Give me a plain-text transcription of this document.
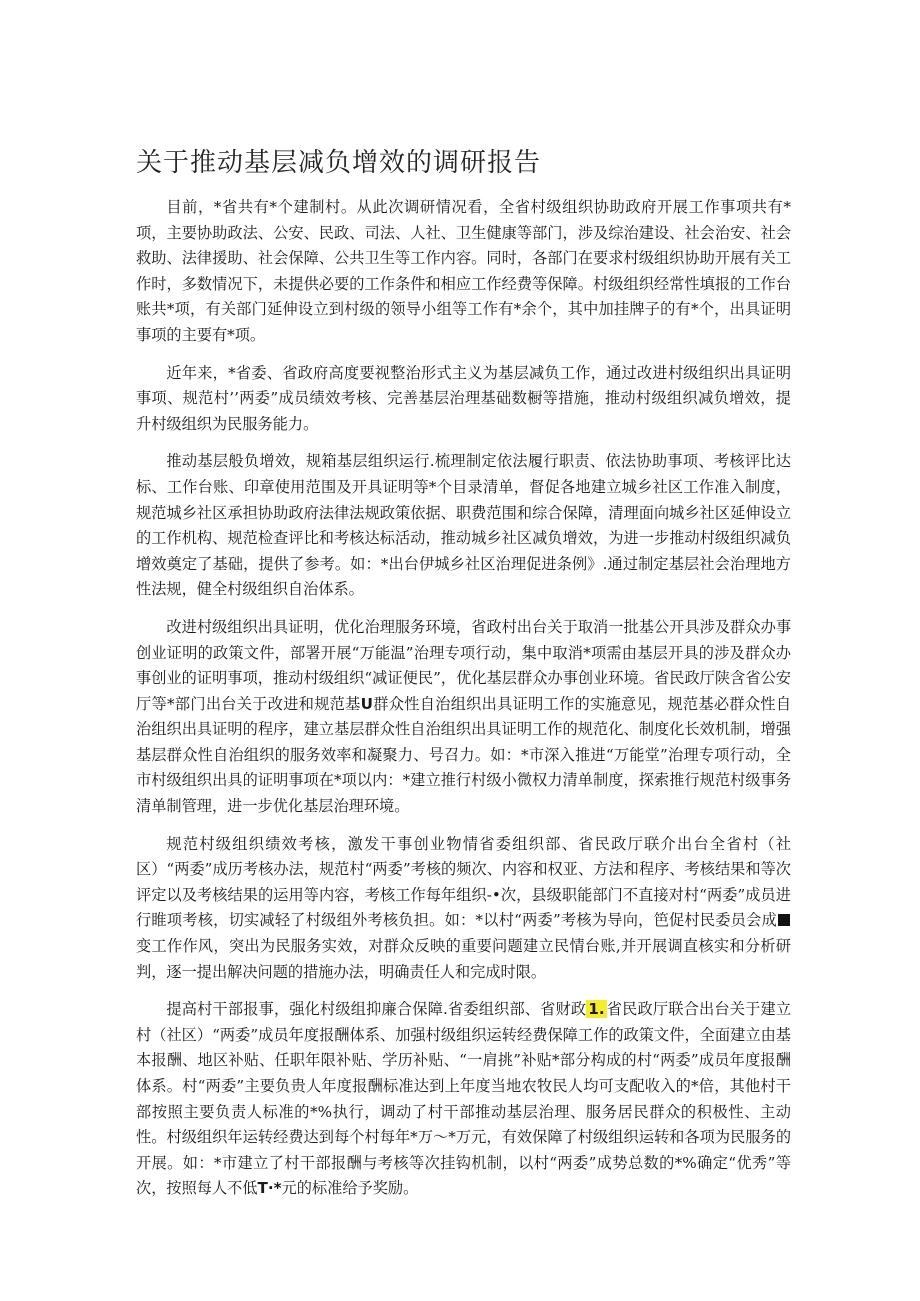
关于推动基层减负增效的调研报告

目前，*省共有*个建制村。从此次调研情况看，全省村级组织协助政府开展工作事项共有*项，主要协助政法、公安、民政、司法、人社、卫生健康等部门，涉及综治建设、社会治安、社会救助、法律援助、社会保障、公共卫生等工作内容。同时，各部门在要求村级组织协助开展有关工作时，多数情况下，未提供必要的工作条件和相应工作经费等保障。村级组织经常性填报的工作台账共*项，有关部门延伸设立到村级的领导小组等工作有*余个，其中加挂牌子的有*个，出具证明事项的主要有*项。

近年来，*省委、省政府高度要视整治形式主义为基层减负工作，通过改进村级组织出具证明事项、规范村’’两委”成员绩效考核、完善基层治理基础数橱等措施，推动村级组织减负增效，提升村级组织为民服务能力。

推动基层般负增效，规箱基层组织运行.梳理制定依法履行职责、依法协助事项、考核评比达标、工作台账、印章使用范围及开具证明等*个目录清单，督促各地建立城乡社区工作准入制度，规范城乡社区承担协助政府法律法规政策依据、职费范围和综合保障，清理面向城乡社区延伸设立的工作机构、规范检查评比和考核达标活动，推动城乡社区减负增效，为进一步推动村级组织减负增效奠定了基础，提供了参考。如：*出台伊城乡社区治理促进条例》.通过制定基层社会治理地方性法规，健全村级组织自治体系。

改进村级组织出具证明，优化治理服务环境，省政村出台关于取消一批基公开具涉及群众办事创业证明的政策文件，部署开展“万能温”治理专项行动，集中取消*项需由基层开具的涉及群众办事创业的证明事项，推动村级组织“减证便民”，优化基层群众办事创业环境。省民政厅陕含省公安厅等*部门出台关于改进和规范基U群众性自治组织出具证明工作的实施意见，规范基必群众性自治组织出具证明的程序，建立基层群众性自治组织出具证明工作的规范化、制度化长效机制，增强基层群众性自治组织的服务效率和凝聚力、号召力。如：*市深入推进“万能堂”治理专项行动，全市村级组织出具的证明事项在*项以内：*建立推行村级小微权力清单制度，探索推行规范村级事务清单制管理，进一步优化基层治理环境。

规范村级组织绩效考核，激发干事创业物情省委组织部、省民政厅联介出台全省村（社区）“两委”成历考核办法，规范村“两委”考核的频次、内容和权亚、方法和程序、考核结果和等次评定以及考核结果的运用等内容，考核工作每年组织-•次，县级职能部门不直接对村“两委”成员进行睢项考核，切实减轻了村级组外考核负担。如：*以村“两委”考核为导向，笆促村民委员会成变工作作风，突出为民服务实效，对群众反映的重要问题建立民情台账,并开展调直核实和分析研判，逐一提出解决问题的措施办法，明确责任人和完成时限。

提高村干部报事，强化村级组抑廉合保障.省委组织部、省财政 1. 省民政厅联合出台关于建立村（社区）“两委”成员年度报酬体系、加强村级组织运转经费保障工作的政策文件，全面建立由基本报酬、地区补贴、任职年限补贴、学历补贴、“一肩挑”补贴*部分构成的村“两委”成员年度报酬体系。村“两委”主要负贵人年度报酬标准达到上年度当地农牧民人均可支配收入的*倍，其他村干部按照主要负责人标准的*%执行，调动了村干部推动基层治理、服务居民群众的积极性、主动性。村级组织年运转经费达到每个村每年*万～*万元，有效保障了村级组织运转和各项为民服务的开展。如：*市建立了村干部报酬与考核等次挂钩机制，以村“两委”成势总数的*%确定“优秀”等次，按照每人不低T·*元的标准给予奖励。
